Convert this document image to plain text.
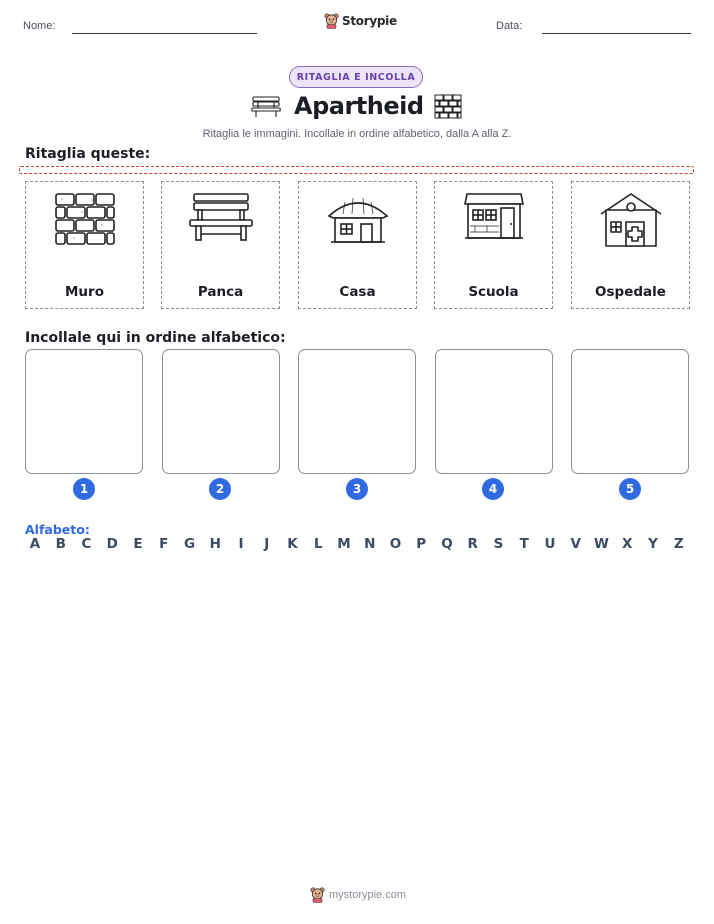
Nome:	Storypie	Data:
RITAGLIA E INCOLLA
Apartheid
Ritaglia le immagini. Incollale in ordine alfabetico, dalla A alla Z.
Ritaglia queste:
Muro	Panca	Casa	Scuola	Ospedale
Incollale qui in ordine alfabetico:
1	2	3	4	5
Alfabeto:
A	B	C	D	E	F	G	H	I	J	K	L	M N	O	P	Q	R	S	T	U	V W X	Y	Z
mystorypie.com
